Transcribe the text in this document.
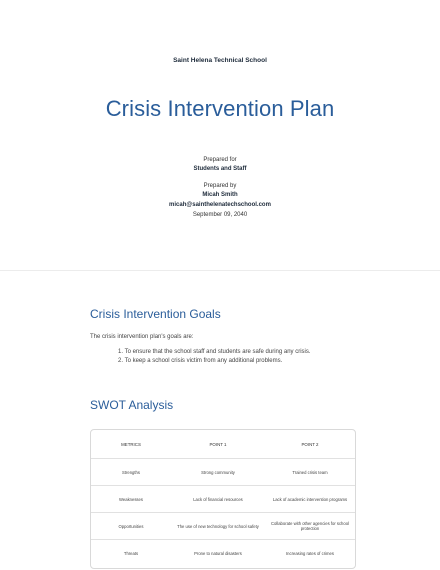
Saint Helena Technical School
Crisis Intervention Plan
Prepared for
Students and Staff
Prepared by
Micah Smith
micah@sainthelenatechschool.com
September 09, 2040
Crisis Intervention Goals
The crisis intervention plan's goals are:
1. To ensure that the school staff and students are safe during any crisis.
2. To keep a school crisis victim from any additional problems.
SWOT Analysis
METRICS	POINT 1	POINT 2
Strengths	Strong community	Trained crisis team
Weaknesses	Lack of financial resources	Lack of academic intervention programs
Opportunities	The use of new technology for school safety	Collaborate with other agencies for school protection
Threats	Prone to natural disasters	Increasing rates of crimes
